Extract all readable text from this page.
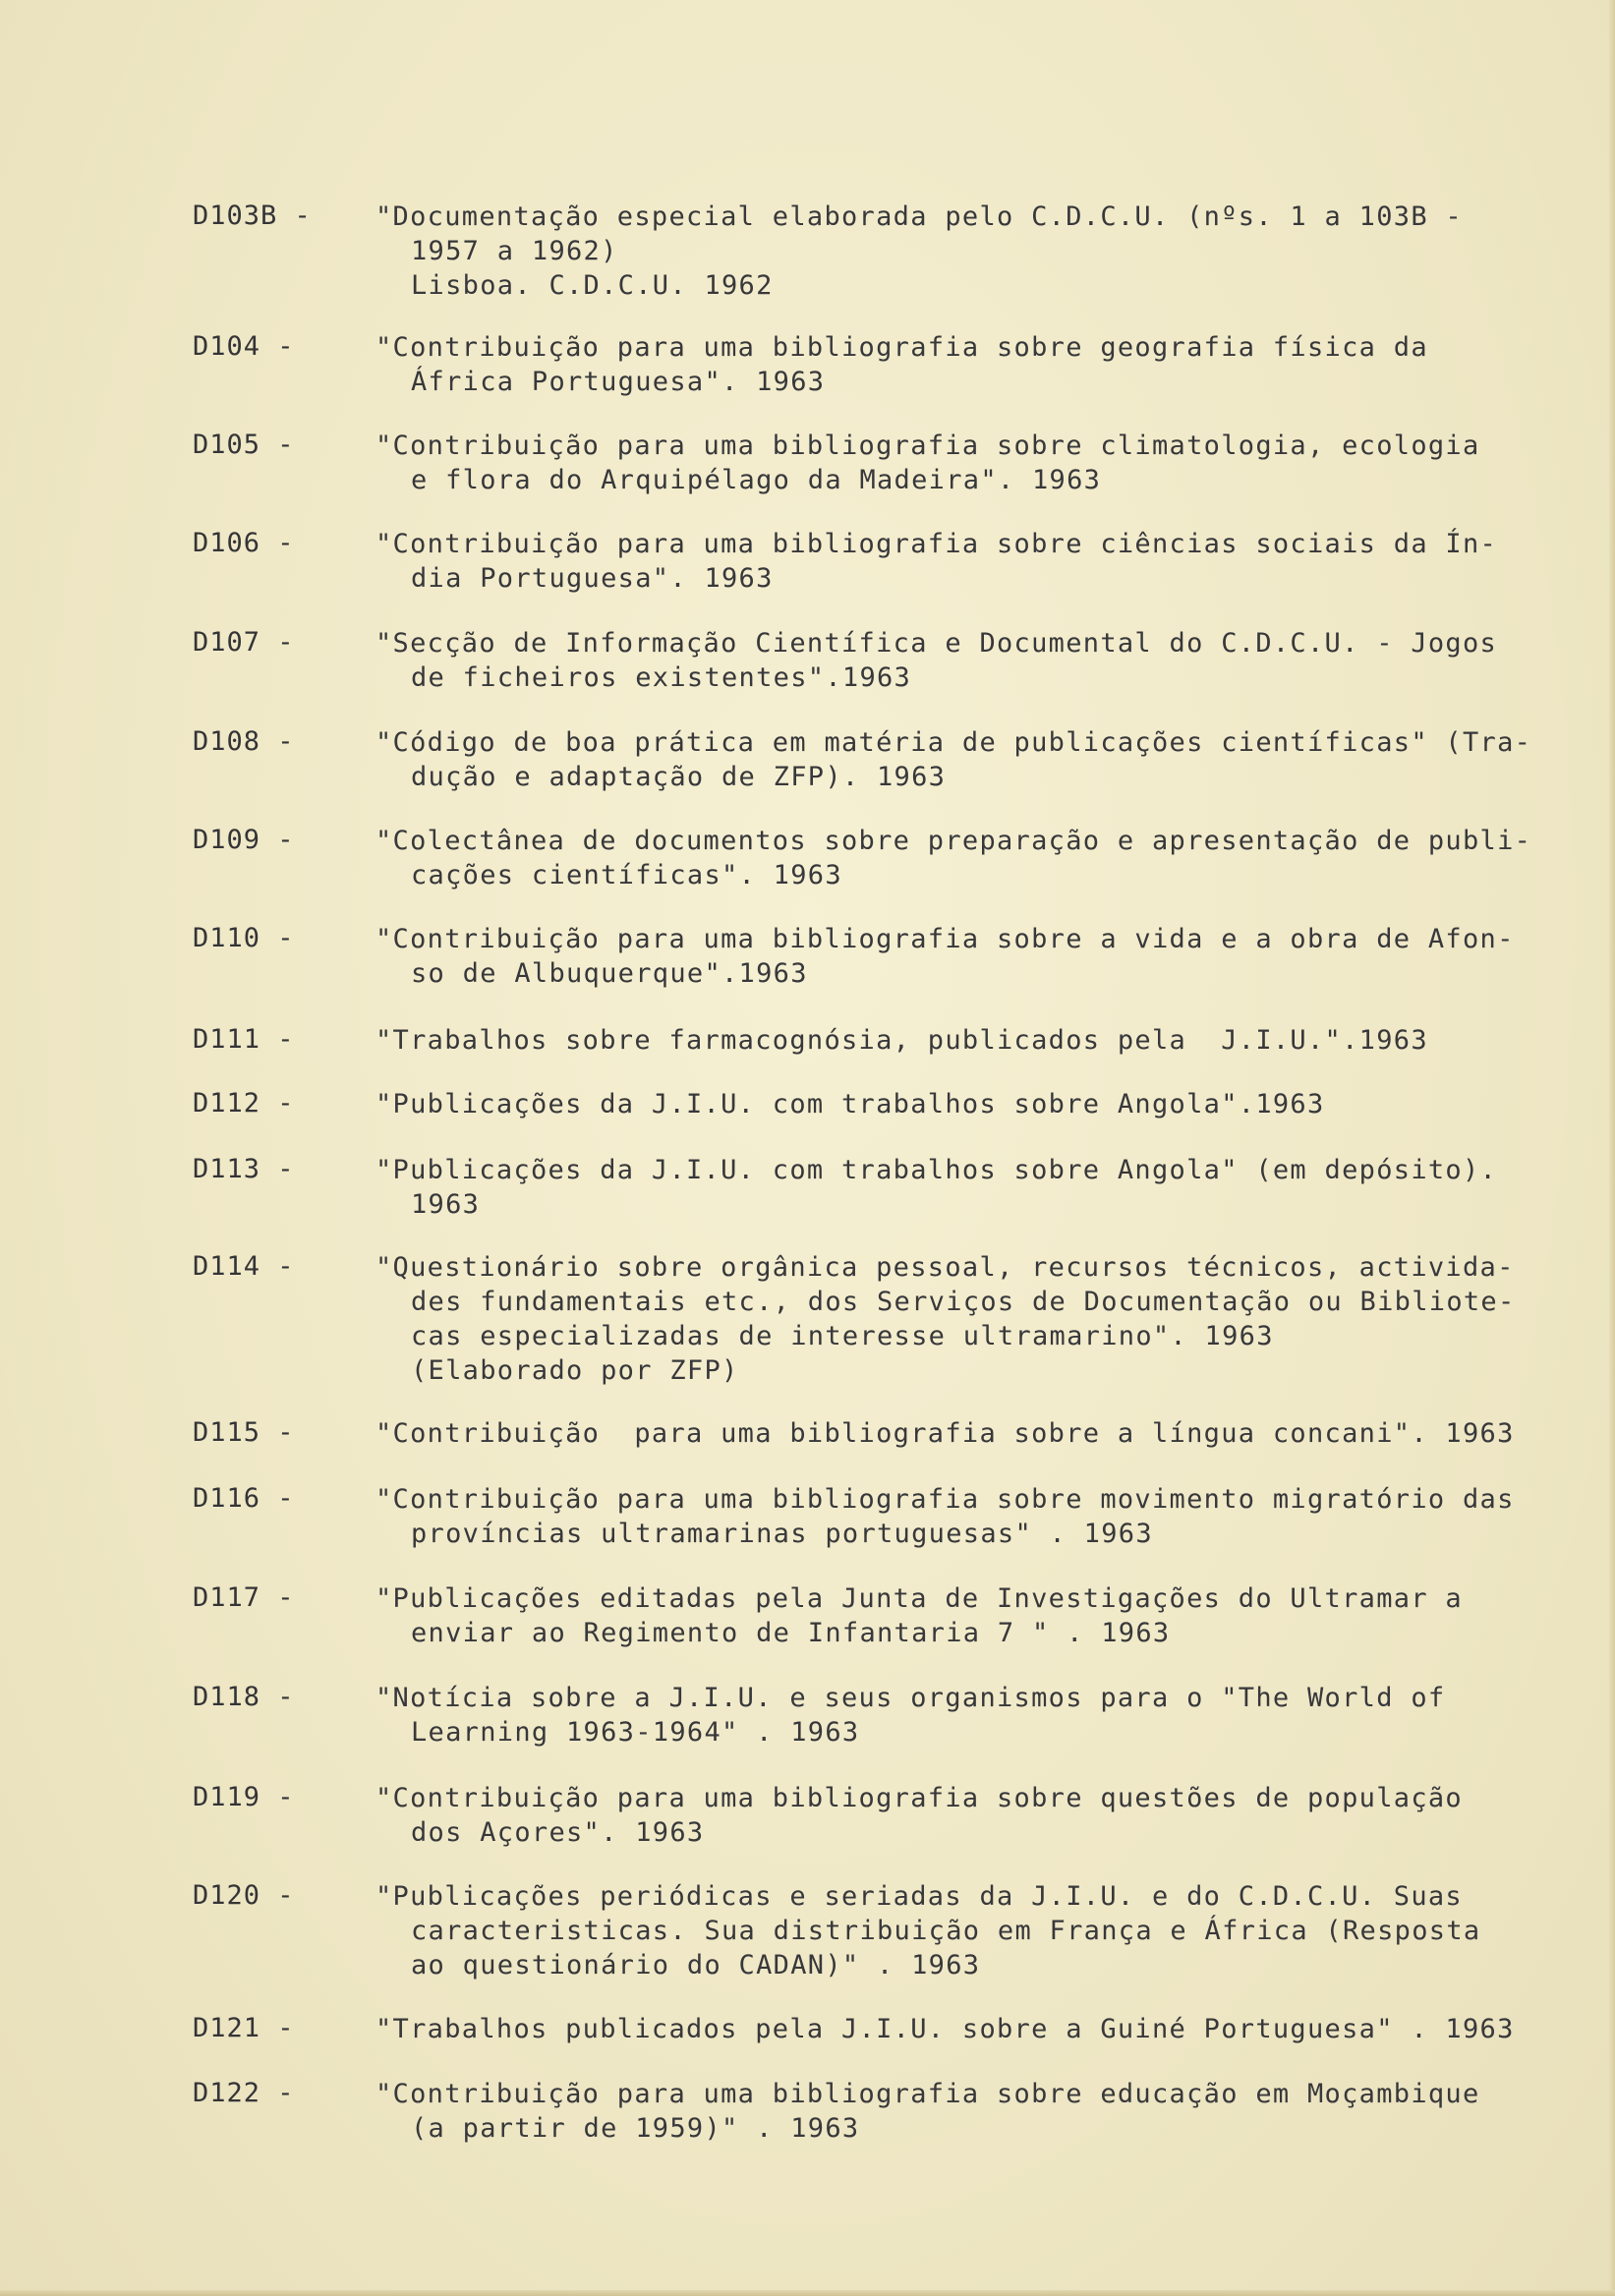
D103B - "Documentação especial elaborada pelo C.D.C.U. (nºs. 1 a 103B -
1957 a 1962)
Lisboa. C.D.C.U. 1962
D104 -	"Contribuição para uma bibliografia sobre geografia física da
África Portuguesa". 1963
D105 -	"Contribuição para uma bibliografia sobre climatologia, ecologia
e flora do Arquipélago da Madeira". 1963
D106 -	"Contribuição para uma bibliografia sobre ciências sociais da Ín-
dia Portuguesa". 1963
D107 -	"Secção de Informação Científica e Documental do C.D.C.U. - Jogos
de ficheiros existentes".1963
D108 -	"Código de boa prática em matéria de publicações científicas" (Tra-
dução e adaptação de ZFP). 1963
D109 -	"Colectânea de documentos sobre preparação e apresentação de publi-
cações científicas". 1963
D110 -	"Contribuição para uma bibliografia sobre a vida e a obra de Afon-
so de Albuquerque".1963
D111 -	"Trabalhos sobre farmacognósia, publicados pela  J.I.U.".1963
D112 -	"Publicações da J.I.U. com trabalhos sobre Angola".1963
D113 -	"Publicações da J.I.U. com trabalhos sobre Angola" (em depósito).
1963
D114 -	"Questionário sobre orgânica pessoal, recursos técnicos, activida-
des fundamentais etc., dos Serviços de Documentação ou Bibliote-
cas especializadas de interesse ultramarino". 1963
(Elaborado por ZFP)
D115 -	"Contribuição  para uma bibliografia sobre a língua concani". 1963
D116 -	"Contribuição para uma bibliografia sobre movimento migratório das
províncias ultramarinas portuguesas" . 1963
D117 -	"Publicações editadas pela Junta de Investigações do Ultramar a
enviar ao Regimento de Infantaria 7 " . 1963
D118 -	"Notícia sobre a J.I.U. e seus organismos para o "The World of
Learning 1963-1964" . 1963
D119 -	"Contribuição para uma bibliografia sobre questões de população
dos Açores". 1963
D120 -	"Publicações periódicas e seriadas da J.I.U. e do C.D.C.U. Suas
caracteristicas. Sua distribuição em França e África (Resposta
ao questionário do CADAN)" . 1963
D121 -	"Trabalhos publicados pela J.I.U. sobre a Guiné Portuguesa" . 1963
D122 -	"Contribuição para uma bibliografia sobre educação em Moçambique
(a partir de 1959)" . 1963
